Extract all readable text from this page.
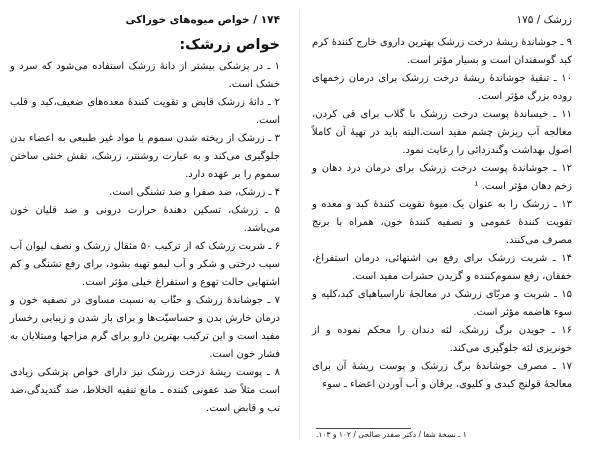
۱۷۴ / خواص میوه‌های خوراکی
خواص زرشک:

۱ ـ در پزشکی بیشتر از دانهٔ زرشک استفاده می‌شود که سرد و خشک است.

۲ ـ دانهٔ زرشک قابض و تقویت کنندهٔ معده‌های ضعیف،کبد و قلب است.

۳ ـ زرشک از ریخته شدن سموم یا مواد غیر طبیعی به اعضاء بدن جلوگیری می‌کند و به عبارت روشنتر، زرشک، نقش خنثی ساختن سموم را بر عهده دارد.

۴ ـ زرشک، ضد صفرا و ضد تشنگی است.

۵ ـ زرشک، تسکین دهندهٔ حرارت درونی و ضد قلیان خون می‌باشد.

۶ ـ شربت زرشک که از ترکیب ۵۰ مثقال زرشک و نصف لیوان آب سیب درختی و شکر و آب لیمو تهیه بشود، برای رفع تشنگی و کم اشتهایی حالت تهوع و استفراغ خیلی مؤثر است.

۷ ـ جوشاندهٔ زرشک و حنّاب به نسبت مساوی در تصفیه خون و درمان خارش بدن و حساسیّت‌ها و برای باز شدن و زیبایی رخسار مفید است و این ترکیب بهترین دارو برای گرم مزاجها ومبتلایان به فشار خون است.

۸ ـ پوست ریشهٔ درخت زرشک نیز دارای خواص پزشکی زیادی است مثلاً ضد عفونی کننده ـ مانع تنقیه الخلاط، ضد گندیدگی،ضد تب و قابض است.

زرشک / ۱۷۵

۹ ـ جوشاندهٔ ریشهٔ درخت زرشک بهترین داروی خارج کنندهٔ کرم کبد گوسفندان است و بسیار مؤثر است.

۱۰ ـ تنقیهٔ جوشاندهٔ ریشهٔ درخت زرشک برای درمان زخمهای روده بزرگ مؤثر است.

۱۱ ـ خیساندهٔ پوست درخت زرشک با گلاب برای قی کردن، معالجه آب ریزش چشم مفید است.البته باید در تهیهٔ آن کاملاً اصول بهداشت وگندزدائی را رعایت نمود.

۱۲ ـ جوشاندهٔ پوست درخت زرشک برای درمان درد دهان و زخم دهان مؤثر است. ¹

۱۳ ـ زرشک را به عنوان یک میوهٔ تقویت کنندهٔ کبد و معده و تقویت کنندهٔ عمومی و تصفیه کنندهٔ خون، همراه با برنج مصرف می‌کنند.

۱۴ ـ شربت زرشک برای رفع بی اشتهائی، درمان استفراغ، خفقان، رفع سموم‌کننده و گزیدن حشرات مفید است.

۱۵ ـ شربت و مربّای زرشک در معالجهٔ ناراسیاهپای کبد،کلیه و سوء هاضمه مؤثر است.

۱۶ ـ جویدن برگ زرشک، لثه دندان را محکم نموده و از خونریزی لثه جلوگیری می‌کند.

۱۷ ـ مصرف جوشاندهٔ برگ زرشک و پوست ریشهٔ آن برای معالجهٔ قولنج کبدی و کلیوی، یرقان و آب آوردن اعضاء ـ سوء

۱ ـ نسخهٔ شفا / دکتر صفدر صالحی / ۱۰۲ و ۱۰۳.
